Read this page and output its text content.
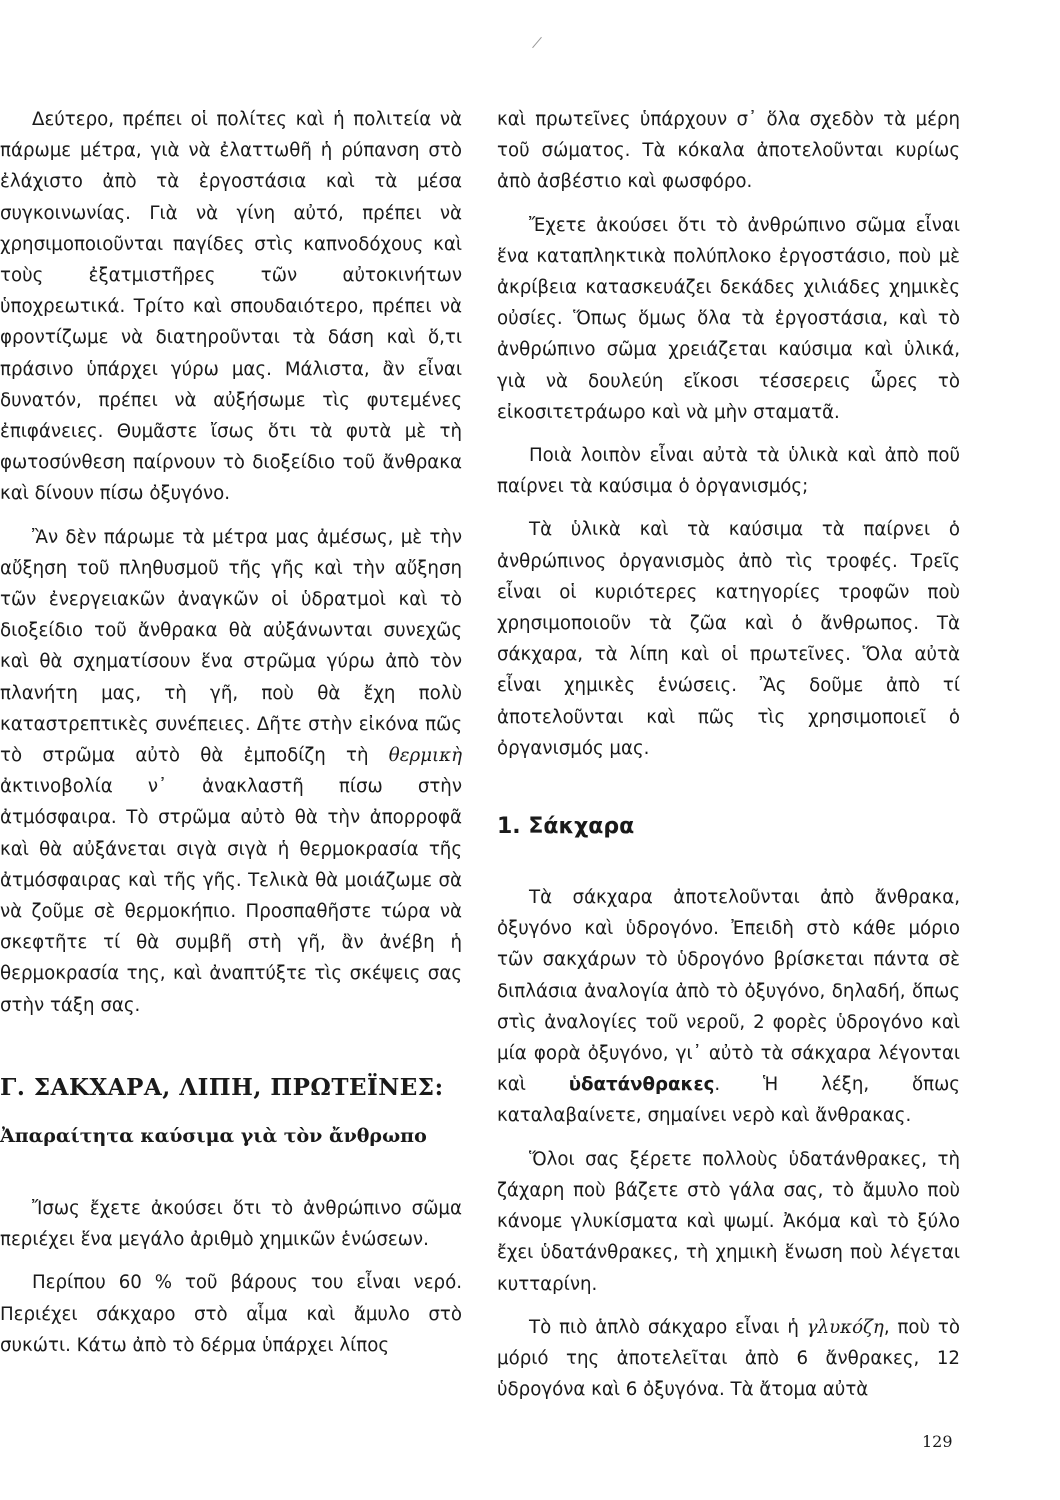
Δεύτερο, πρέπει οἱ πολίτες καὶ ἡ πολιτεία νὰ πάρωμε μέτρα, γιὰ νὰ ἐλαττωθῆ ἡ ρύπανση στὸ ἐλάχιστο ἀπὸ τὰ ἐργοστάσια καὶ τὰ μέσα συγκοινωνίας. Γιὰ νὰ γίνη αὐτό, πρέπει νὰ χρησιμοποιοῦνται παγίδες στὶς καπνοδόχους καὶ τοὺς ἐξατμιστῆρες τῶν αὐτοκινήτων ὑποχρεωτικά. Τρίτο καὶ σπουδαιότερο, πρέπει νὰ φροντίζωμε νὰ διατηροῦνται τὰ δάση καὶ ὅ,τι πράσινο ὑπάρχει γύρω μας. Μάλιστα, ἂν εἶναι δυνατόν, πρέπει νὰ αὐξήσωμε τὶς φυτεμένες ἐπιφάνειες. Θυμᾶστε ἴσως ὅτι τὰ φυτὰ μὲ τὴ φωτοσύνθεση παίρνουν τὸ διοξείδιο τοῦ ἄνθρακα καὶ δίνουν πίσω ὀξυγόνο.

Ἂν δὲν πάρωμε τὰ μέτρα μας ἀμέσως, μὲ τὴν αὔξηση τοῦ πληθυσμοῦ τῆς γῆς καὶ τὴν αὔξηση τῶν ἐνεργειακῶν ἀναγκῶν οἱ ὑδρατμοὶ καὶ τὸ διοξείδιο τοῦ ἄνθρακα θὰ αὐξάνωνται συνεχῶς καὶ θὰ σχηματίσουν ἕνα στρῶμα γύρω ἀπὸ τὸν πλανήτη μας, τὴ γῆ, ποὺ θὰ ἔχη πολὺ καταστρεπτικὲς συνέπειες. Δῆτε στὴν εἰκόνα πῶς τὸ στρῶμα αὐτὸ θὰ ἐμποδίζη τὴ θερμικὴ ἀκτινοβολία ν᾽ ἀνακλαστῆ πίσω στὴν ἀτμόσφαιρα. Τὸ στρῶμα αὐτὸ θὰ τὴν ἀπορροφᾶ καὶ θὰ αὐξάνεται σιγὰ σιγὰ ἡ θερμοκρασία τῆς ἀτμόσφαιρας καὶ τῆς γῆς. Τελικὰ θὰ μοιάζωμε σὰ νὰ ζοῦμε σὲ θερμοκήπιο. Προσπαθῆστε τώρα νὰ σκεφτῆτε τί θὰ συμβῆ στὴ γῆ, ἂν ἀνέβη ἡ θερμοκρασία της, καὶ ἀναπτύξτε τὶς σκέψεις σας στὴν τάξη σας.

Γ. ΣΑΚΧΑΡΑ, ΛΙΠΗ, ΠΡΩΤΕΪΝΕΣ:
Ἀπαραίτητα καύσιμα γιὰ τὸν ἄνθρωπο

Ἴσως ἔχετε ἀκούσει ὅτι τὸ ἀνθρώπινο σῶμα περιέχει ἕνα μεγάλο ἀριθμὸ χημικῶν ἑνώσεων.

Περίπου 60 % τοῦ βάρους του εἶναι νερό. Περιέχει σάκχαρο στὸ αἷμα καὶ ἄμυλο στὸ συκώτι. Κάτω ἀπὸ τὸ δέρμα ὑπάρχει λίπος

καὶ πρωτεῖνες ὑπάρχουν σ᾽ ὅλα σχεδὸν τὰ μέρη τοῦ σώματος. Τὰ κόκαλα ἀποτελοῦνται κυρίως ἀπὸ ἀσβέστιο καὶ φωσφόρο.

Ἔχετε ἀκούσει ὅτι τὸ ἀνθρώπινο σῶμα εἶναι ἕνα καταπληκτικὰ πολύπλοκο ἐργοστάσιο, ποὺ μὲ ἀκρίβεια κατασκευάζει δεκάδες χιλιάδες χημικὲς οὐσίες. Ὅπως ὅμως ὅλα τὰ ἐργοστάσια, καὶ τὸ ἀνθρώπινο σῶμα χρειάζεται καύσιμα καὶ ὑλικά, γιὰ νὰ δουλεύη εἴκοσι τέσσερεις ὧρες τὸ εἰκοσιτετράωρο καὶ νὰ μὴν σταματᾶ.

Ποιὰ λοιπὸν εἶναι αὐτὰ τὰ ὑλικὰ καὶ ἀπὸ ποῦ παίρνει τὰ καύσιμα ὁ ὀργανισμός;

Τὰ ὑλικὰ καὶ τὰ καύσιμα τὰ παίρνει ὁ ἀνθρώπινος ὀργανισμὸς ἀπὸ τὶς τροφές. Τρεῖς εἶναι οἱ κυριότερες κατηγορίες τροφῶν ποὺ χρησιμοποιοῦν τὰ ζῶα καὶ ὁ ἄνθρωπος. Τὰ σάκχαρα, τὰ λίπη καὶ οἱ πρωτεῖνες. Ὅλα αὐτὰ εἶναι χημικὲς ἑνώσεις. Ἂς δοῦμε ἀπὸ τί ἀποτελοῦνται καὶ πῶς τὶς χρησιμοποιεῖ ὁ ὀργανισμός μας.

1. Σάκχαρα

Τὰ σάκχαρα ἀποτελοῦνται ἀπὸ ἄνθρακα, ὀξυγόνο καὶ ὑδρογόνο. Ἐπειδὴ στὸ κάθε μόριο τῶν σακχάρων τὸ ὑδρογόνο βρίσκεται πάντα σὲ διπλάσια ἀναλογία ἀπὸ τὸ ὀξυγόνο, δηλαδή, ὅπως στὶς ἀναλογίες τοῦ νεροῦ, 2 φορὲς ὑδρογόνο καὶ μία φορὰ ὀξυγόνο, γι᾽ αὐτὸ τὰ σάκχαρα λέγονται καὶ ὑδατάνθρακες. Ἡ λέξη, ὅπως καταλαβαίνετε, σημαίνει νερὸ καὶ ἄνθρακας.

Ὅλοι σας ξέρετε πολλοὺς ὑδατάνθρακες, τὴ ζάχαρη ποὺ βάζετε στὸ γάλα σας, τὸ ἄμυλο ποὺ κάνομε γλυκίσματα καὶ ψωμί. Ἀκόμα καὶ τὸ ξύλο ἔχει ὑδατάνθρακες, τὴ χημικὴ ἕνωση ποὺ λέγεται κυτταρίνη.

Τὸ πιὸ ἁπλὸ σάκχαρο εἶναι ἡ γλυκόζη, ποὺ τὸ μόριό της ἀποτελεῖται ἀπὸ 6 ἄνθρακες, 12 ὑδρογόνα καὶ 6 ὀξυγόνα. Τὰ ἄτομα αὐτὰ

129
